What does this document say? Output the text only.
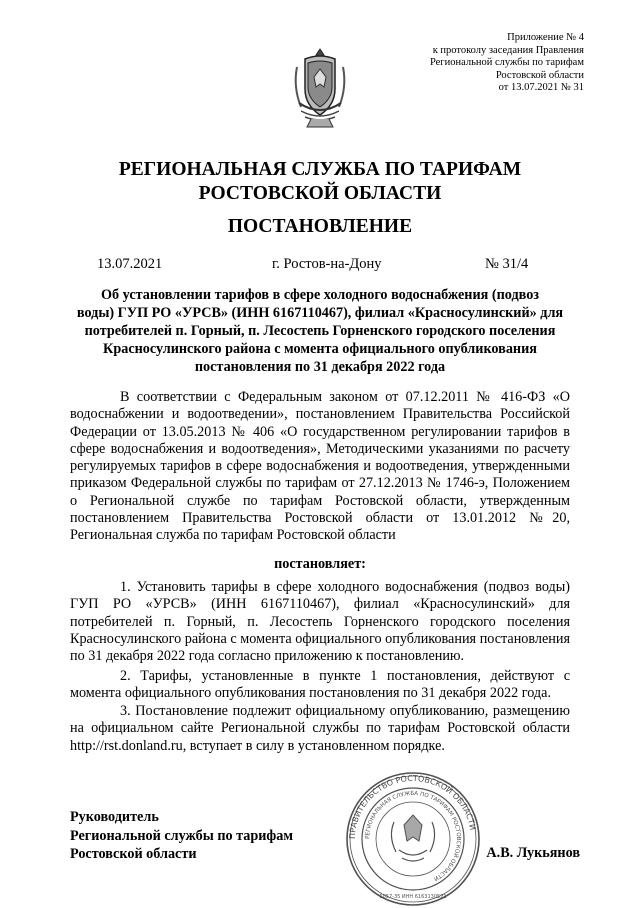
Приложение № 4
к протоколу заседания Правления
Региональной службы по тарифам
Ростовской области
от 13.07.2021 № 31
РЕГИОНАЛЬНАЯ СЛУЖБА ПО ТАРИФАМ
РОСТОВСКОЙ ОБЛАСТИ
ПОСТАНОВЛЕНИЕ
13.07.2021	г. Ростов-на-Дону	№ 31/4
Об установлении тарифов в сфере холодного водоснабжения (подвоз
воды) ГУП РО «УРСВ» (ИНН 6167110467), филиал «Красносулинский» для
потребителей п. Горный, п. Лесостепь Горненского городского поселения
Красносулинского района с момента официального опубликования
постановления по 31 декабря 2022 года
В соответствии с Федеральным законом от 07.12.2011 № 416-ФЗ «О водоснабжении и водоотведении», постановлением Правительства Российской Федерации от 13.05.2013 № 406 «О государственном регулировании тарифов в сфере водоснабжения и водоотведения», Методическими указаниями по расчету регулируемых тарифов в сфере водоснабжения и водоотведения, утвержденными приказом Федеральной службы по тарифам от 27.12.2013 № 1746-э, Положением о Региональной службе по тарифам Ростовской области, утвержденным постановлением Правительства Ростовской области от 13.01.2012 №20, Региональная служба по тарифам Ростовской области
постановляет:
1. Установить тарифы в сфере холодного водоснабжения (подвоз воды) ГУП РО «УРСВ» (ИНН 6167110467), филиал «Красносулинский» для потребителей п. Горный, п. Лесостепь Горненского городского поселения Красносулинского района с момента официального опубликования постановления по 31 декабря 2022 года согласно приложению к постановлению.
2. Тарифы, установленные в пункте 1 постановления, действуют с момента официального опубликования постановления по 31 декабря 2022 года.
3. Постановление подлежит официальному опубликованию, размещению на официальном сайте Региональной службы по тарифам Ростовской области http://rst.donland.ru, вступает в силу в установленном порядке.
ПРАВИТЕЛЬСТВО РОСТОВСКОЙ ОБЛАСТИ
РЕГИОНАЛЬНАЯ СЛУЖБА ПО ТАРИФАМ РОСТОВСКОЙ ОБЛАСТИ
1057-35 ИНН 6163130521
Руководитель
Региональной службы по тарифам
Ростовской области	А.В. Лукьянов
